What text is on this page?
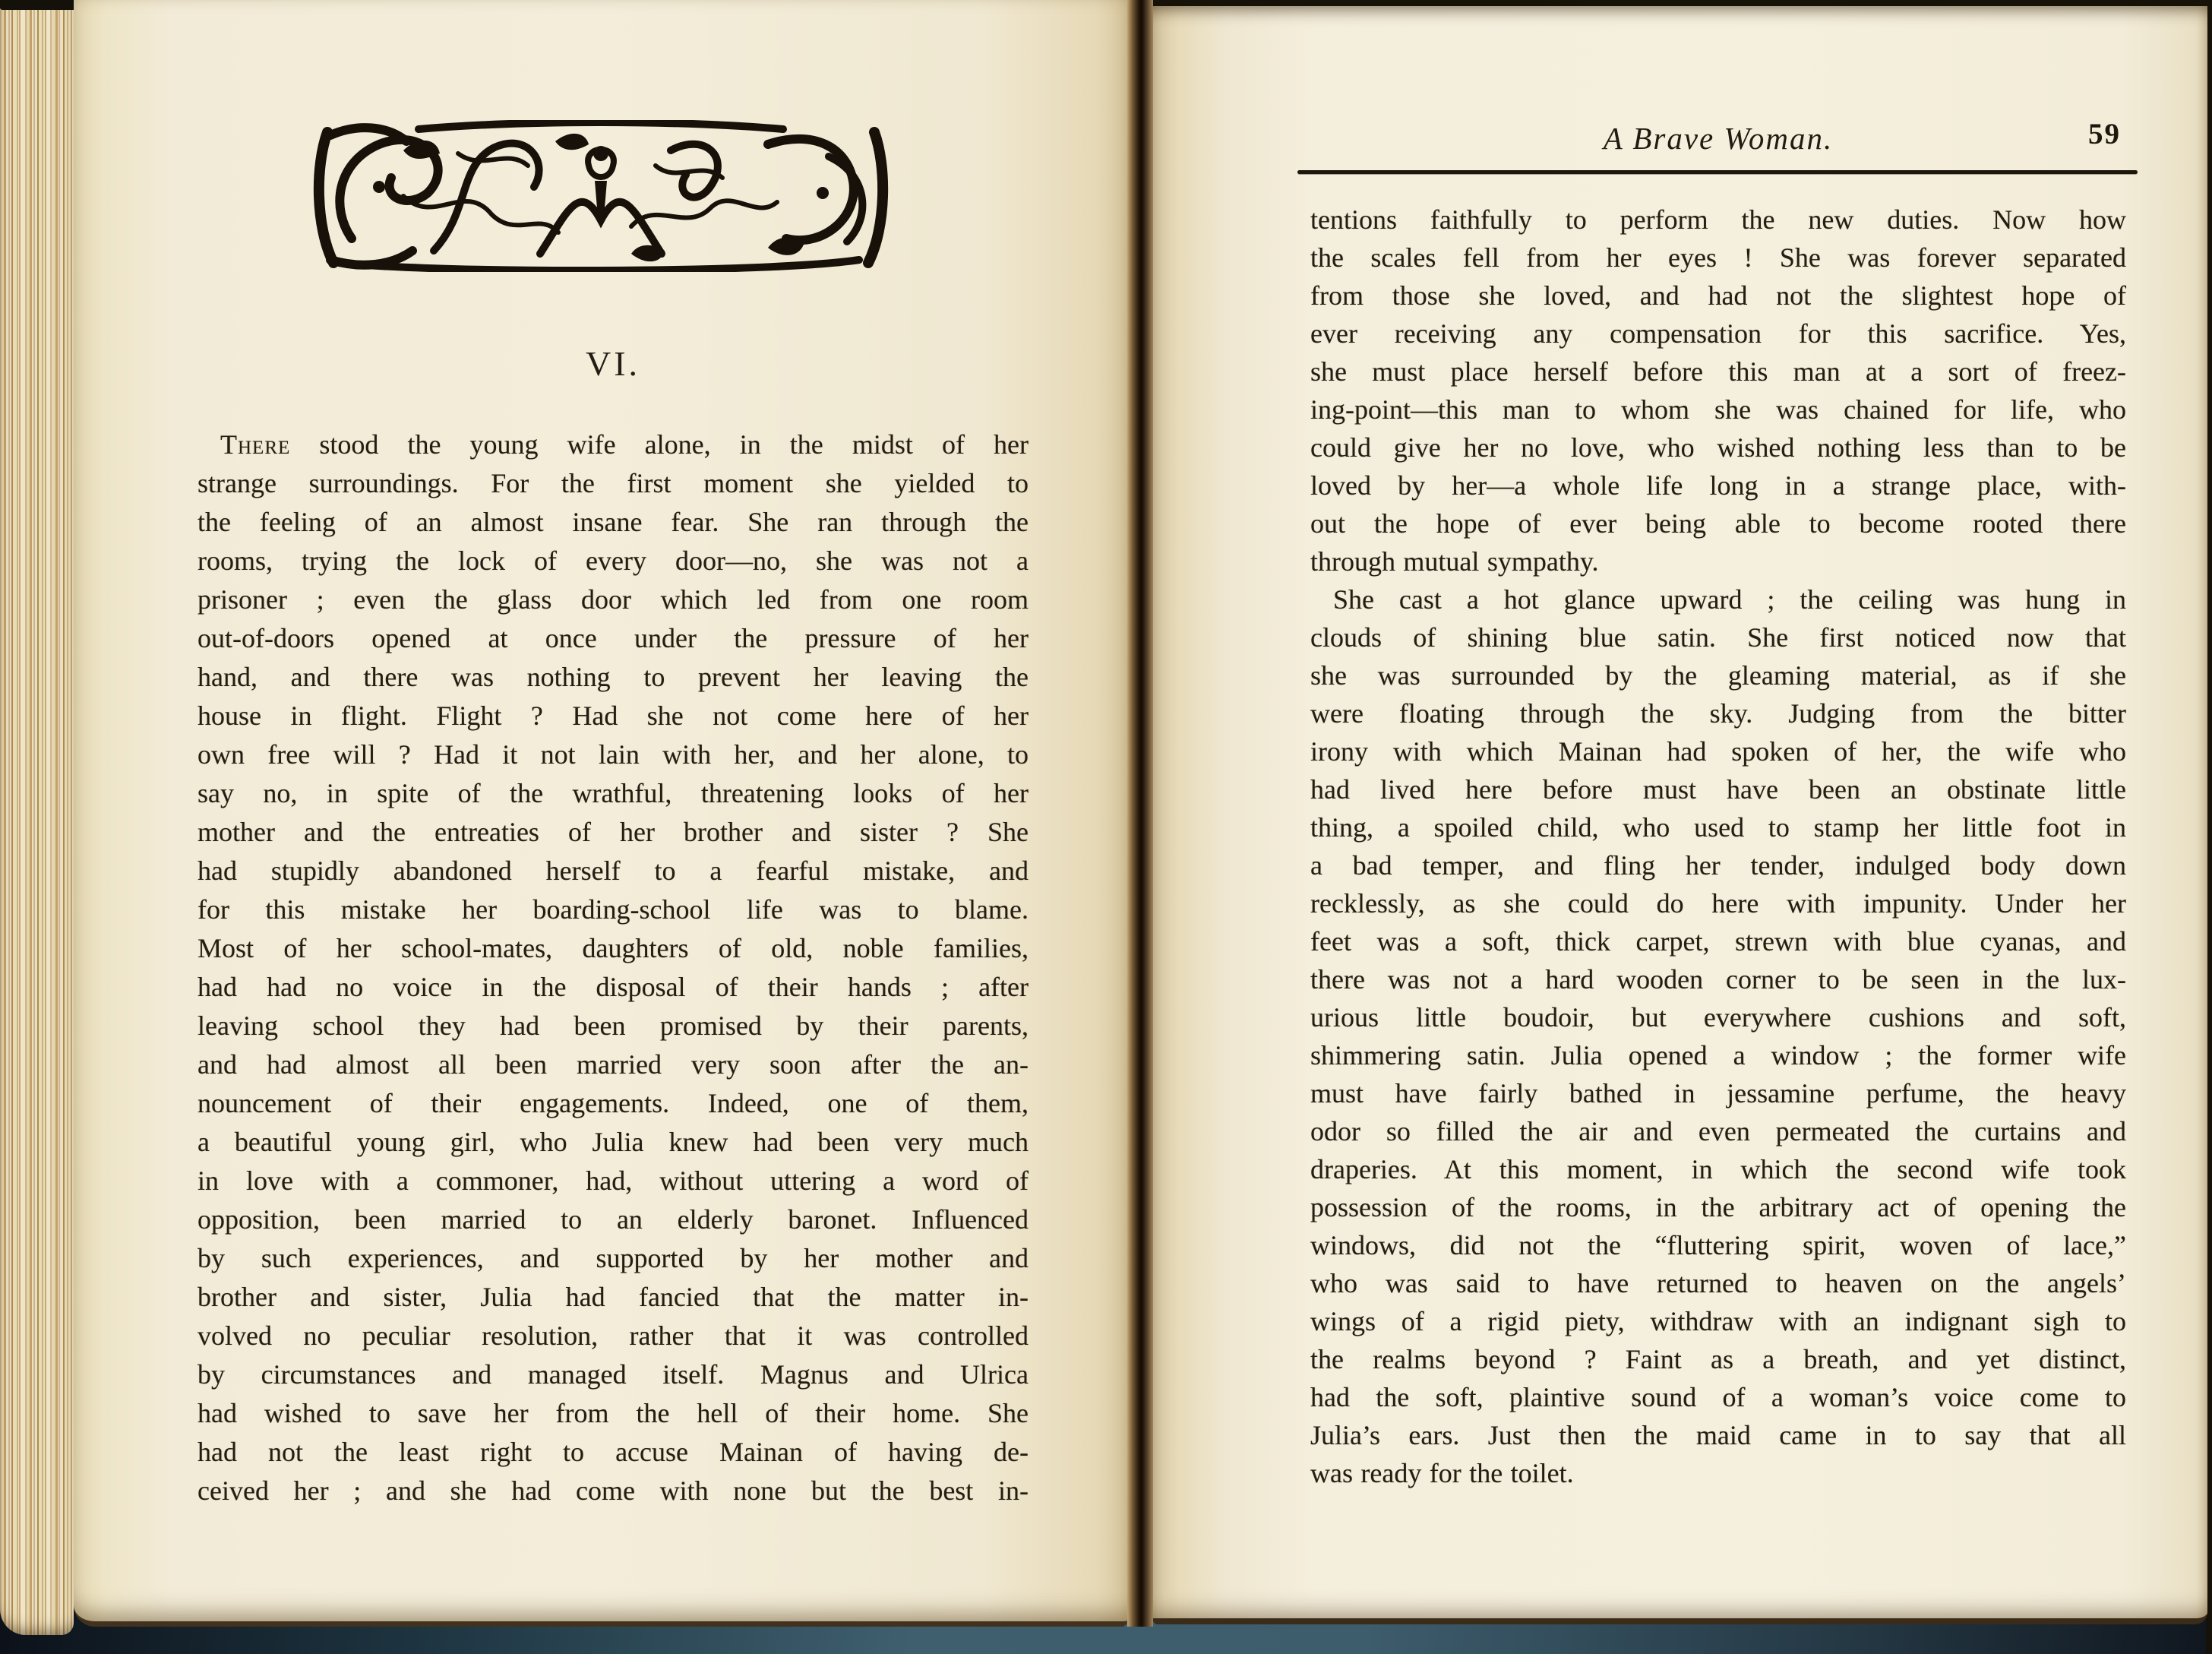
VI.
There stood the young wife alone, in the midst of her
strange surroundings. For the first moment she yielded to
the feeling of an almost insane fear. She ran through the
rooms, trying the lock of every door—no, she was not a
prisoner ; even the glass door which led from one room
out-of-doors opened at once under the pressure of her
hand, and there was nothing to prevent her leaving the
house in flight. Flight ? Had she not come here of her
own free will ? Had it not lain with her, and her alone, to
say no, in spite of the wrathful, threatening looks of her
mother and the entreaties of her brother and sister ? She
had stupidly abandoned herself to a fearful mistake, and
for this mistake her boarding-school life was to blame.
Most of her school-mates, daughters of old, noble families,
had had no voice in the disposal of their hands ; after
leaving school they had been promised by their parents,
and had almost all been married very soon after the an-
nouncement of their engagements. Indeed, one of them,
a beautiful young girl, who Julia knew had been very much
in love with a commoner, had, without uttering a word of
opposition, been married to an elderly baronet. Influenced
by such experiences, and supported by her mother and
brother and sister, Julia had fancied that the matter in-
volved no peculiar resolution, rather that it was controlled
by circumstances and managed itself. Magnus and Ulrica
had wished to save her from the hell of their home. She
had not the least right to accuse Mainan of having de-
ceived her ; and she had come with none but the best in-
A Brave Woman.	59
tentions faithfully to perform the new duties. Now how
the scales fell from her eyes ! She was forever separated
from those she loved, and had not the slightest hope of
ever receiving any compensation for this sacrifice. Yes,
she must place herself before this man at a sort of freez-
ing-point—this man to whom she was chained for life, who
could give her no love, who wished nothing less than to be
loved by her—a whole life long in a strange place, with-
out the hope of ever being able to become rooted there
through mutual sympathy.
She cast a hot glance upward ; the ceiling was hung in
clouds of shining blue satin. She first noticed now that
she was surrounded by the gleaming material, as if she
were floating through the sky. Judging from the bitter
irony with which Mainan had spoken of her, the wife who
had lived here before must have been an obstinate little
thing, a spoiled child, who used to stamp her little foot in
a bad temper, and fling her tender, indulged body down
recklessly, as she could do here with impunity. Under her
feet was a soft, thick carpet, strewn with blue cyanas, and
there was not a hard wooden corner to be seen in the lux-
urious little boudoir, but everywhere cushions and soft,
shimmering satin. Julia opened a window ; the former wife
must have fairly bathed in jessamine perfume, the heavy
odor so filled the air and even permeated the curtains and
draperies. At this moment, in which the second wife took
possession of the rooms, in the arbitrary act of opening the
windows, did not the “fluttering spirit, woven of lace,”
who was said to have returned to heaven on the angels’
wings of a rigid piety, withdraw with an indignant sigh to
the realms beyond ? Faint as a breath, and yet distinct,
had the soft, plaintive sound of a woman’s voice come to
Julia’s ears. Just then the maid came in to say that all
was ready for the toilet.
